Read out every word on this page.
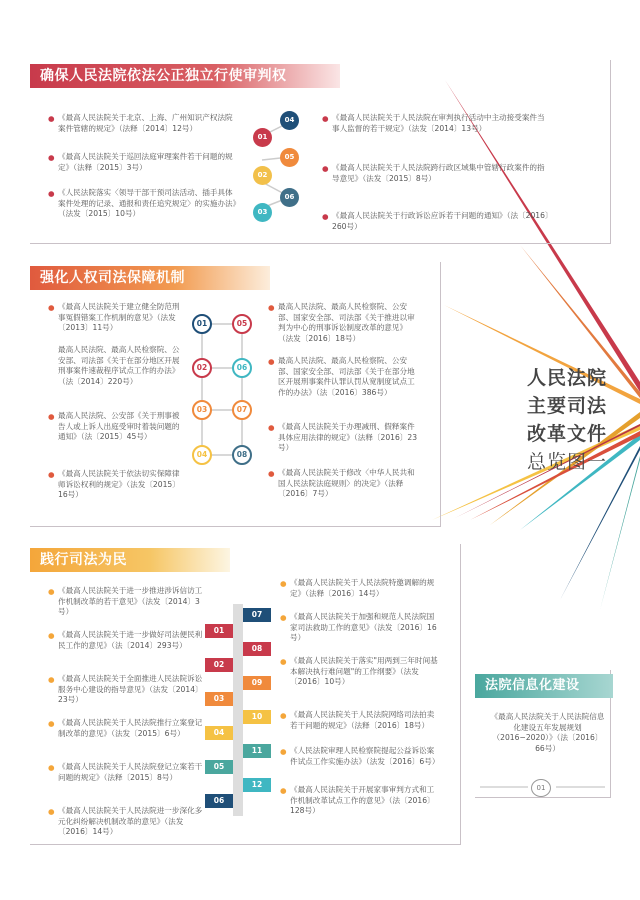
确保人民法院依法公正独立行使审判权
● 《最高人民法院关于北京、上海、广州知识产权法院案件管辖的规定》（法释〔2014〕12号）
● 《最高人民法院关于巡回法庭审理案件若干问题的规定》（法释〔2015〕3号）
● 《人民法院落实〈领导干部干预司法活动、插手具体案件处理的记录、通报和责任追究规定〉的实施办法》（法发〔2015〕10号）
● 《最高人民法院关于人民法院在审判执行活动中主动接受案件当事人监督的若干规定》（法发〔2014〕13号）
● 《最高人民法院关于人民法院跨行政区域集中管辖行政案件的指导意见》（法发〔2015〕8号）
● 《最高人民法院关于行政诉讼应诉若干问题的通知》（法〔2016〕260号）
01
02
03
04
05
06
强化人权司法保障机制
● 《最高人民法院关于建立健全防范刑事冤假错案工作机制的意见》（法发〔2013〕11号）
● 最高人民法院、最高人民检察院、公安部、司法部《关于在部分地区开展刑事案件速裁程序试点工作的办法》（法〔2014〕220号）
● 最高人民法院、公安部《关于刑事被告人或上诉人出庭受审时着装问题的通知》（法〔2015〕45号）
● 《最高人民法院关于依法切实保障律师诉讼权利的规定》（法发〔2015〕16号）
● 最高人民法院、最高人民检察院、公安部、国家安全部、司法部《关于推进以审判为中心的刑事诉讼制度改革的意见》（法发〔2016〕18号）
● 最高人民法院、最高人民检察院、公安部、国家安全部、司法部《关于在部分地区开展刑事案件认罪认罚从宽制度试点工作的办法》（法〔2016〕386号）
● 《最高人民法院关于办理减刑、假释案件具体应用法律的规定》（法释〔2016〕23号）
● 《最高人民法院关于修改〈中华人民共和国人民法院法庭规则〉的决定》（法释〔2016〕7号）
01
02
03
04
05
06
07
08
人民法院
主要司法
改革文件
总览图一
践行司法为民
● 《最高人民法院关于进一步推进涉诉信访工作机制改革的若干意见》（法发〔2014〕3号）
● 《最高人民法院关于进一步做好司法便民利民工作的意见》（法〔2014〕293号）
● 《最高人民法院关于全面推进人民法院诉讼服务中心建设的指导意见》（法发〔2014〕23号）
● 《最高人民法院关于人民法院推行立案登记制改革的意见》（法发〔2015〕6号）
● 《最高人民法院关于人民法院登记立案若干问题的规定》（法释〔2015〕8号）
● 《最高人民法院关于人民法院进一步深化多元化纠纷解决机制改革的意见》（法发〔2016〕14号）
● 《最高人民法院关于人民法院特邀调解的规定》（法释〔2016〕14号）
● 《最高人民法院关于加强和规范人民法院国家司法救助工作的意见》（法发〔2016〕16号）
● 《最高人民法院关于落实"用两到三年时间基本解决执行难问题"的工作纲要》（法发〔2016〕10号）
● 《最高人民法院关于人民法院网络司法拍卖若干问题的规定》（法释〔2016〕18号）
● 《人民法院审理人民检察院提起公益诉讼案件试点工作实施办法》（法发〔2016〕6号）
● 《最高人民法院关于开展家事审判方式和工作机制改革试点工作的意见》（法〔2016〕128号）
01
02
03
04
05
06
07
08
09
10
11
12
法院信息化建设
《最高人民法院关于人民法院信息化建设五年发展规划（2016−2020）》（法〔2016〕66号）
01
